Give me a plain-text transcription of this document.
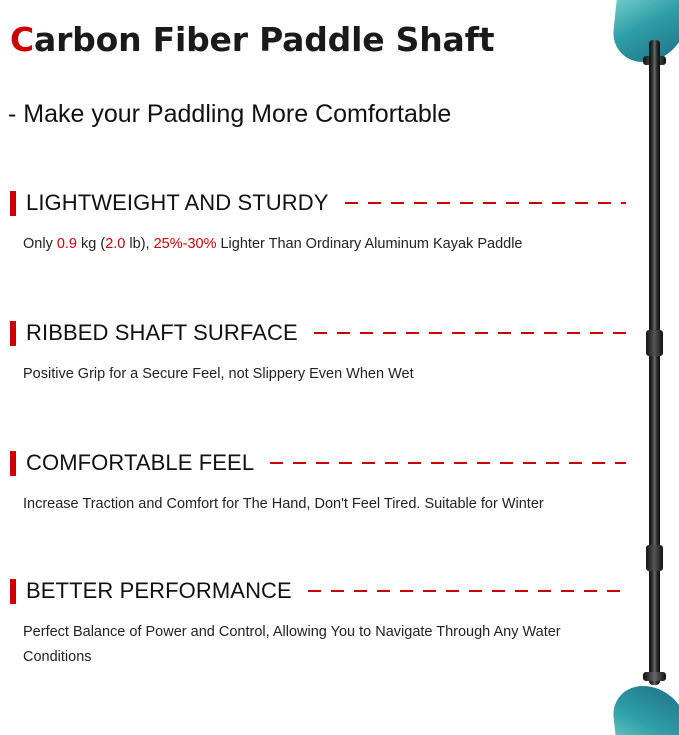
Carbon Fiber Paddle Shaft
- Make your Paddling More Comfortable
LIGHTWEIGHT AND STURDY
Only 0.9 kg (2.0 lb), 25%-30% Lighter Than Ordinary Aluminum Kayak Paddle
RIBBED SHAFT SURFACE
Positive Grip for a Secure Feel, not Slippery Even When Wet
COMFORTABLE FEEL
Increase Traction and Comfort for The Hand, Don't Feel Tired. Suitable for Winter
BETTER PERFORMANCE
Perfect Balance of Power and Control, Allowing You to Navigate Through Any Water Conditions
